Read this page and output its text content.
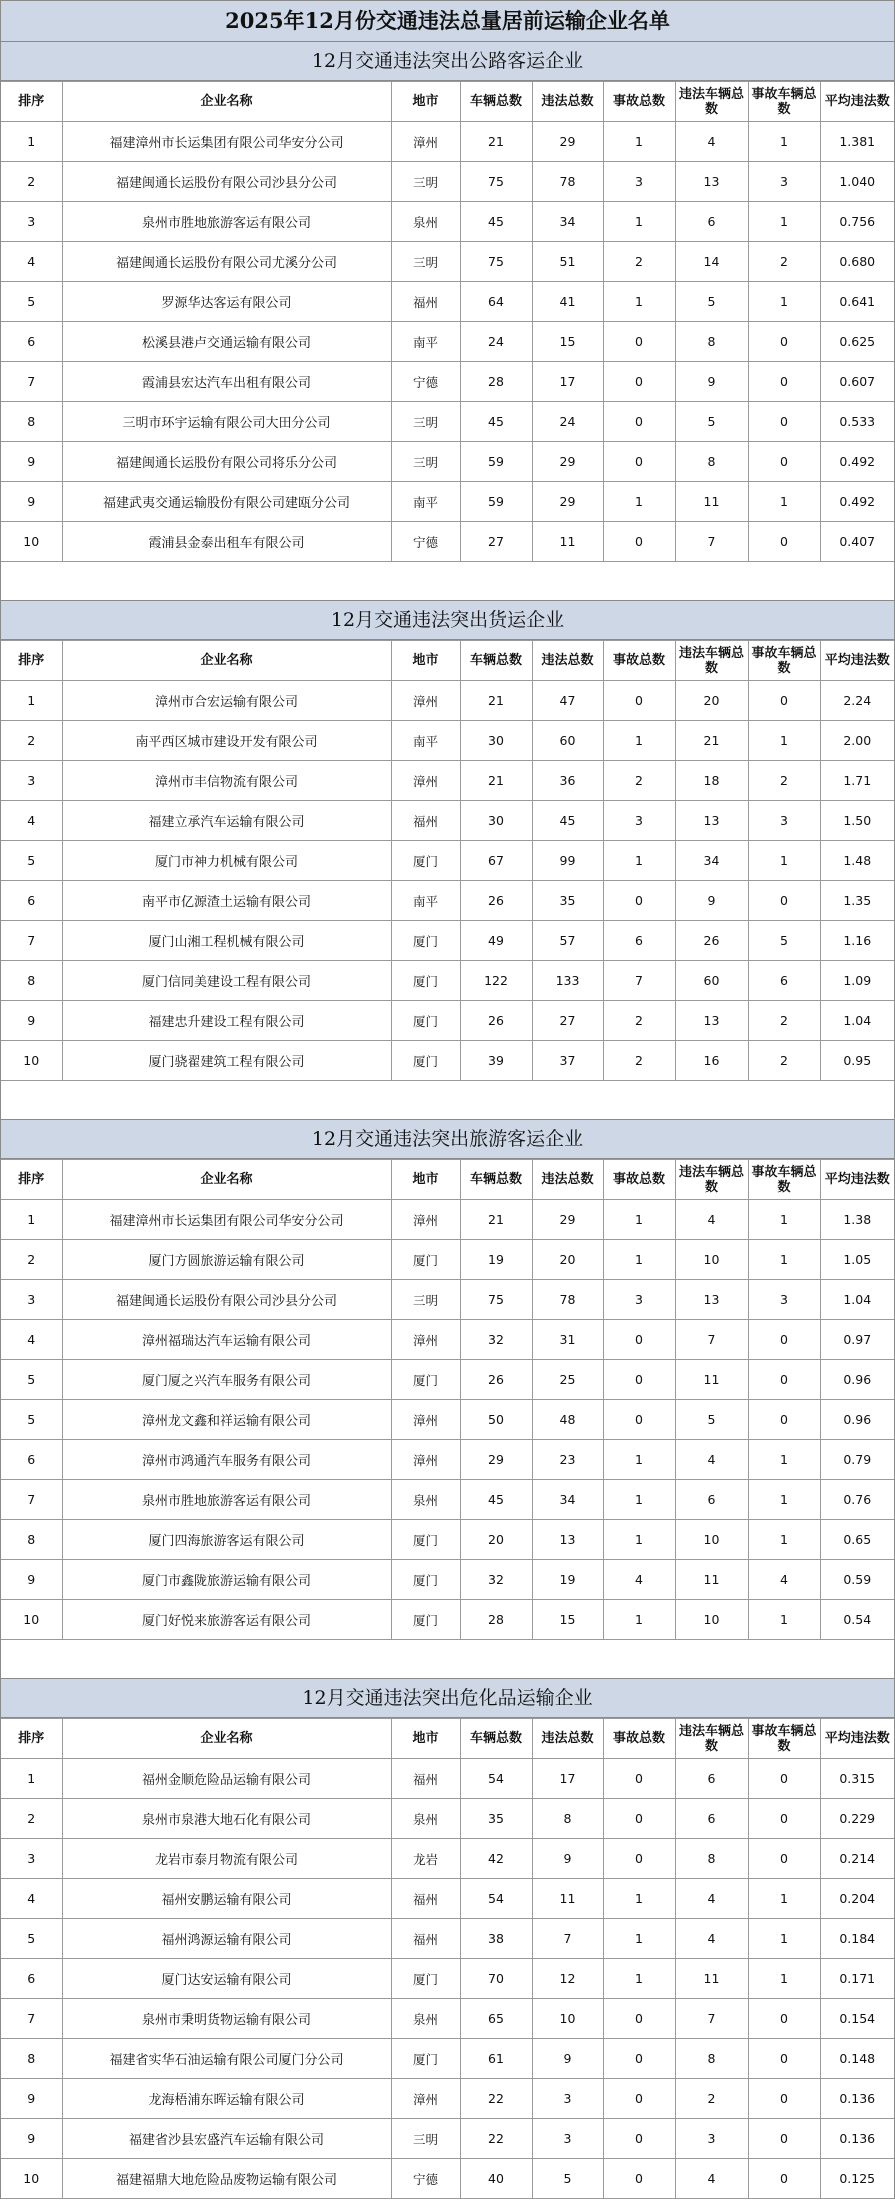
2025年12月份交通违法总量居前运输企业名单
12月交通违法突出公路客运企业
排序	企业名称	地市	车辆总数	违法总数	事故总数	违法车辆总数	事故车辆总数	平均违法数
1	福建漳州市长运集团有限公司华安分公司	漳州	21	29	1	4	1	1.381
2	福建闽通长运股份有限公司沙县分公司	三明	75	78	3	13	3	1.040
3	泉州市胜地旅游客运有限公司	泉州	45	34	1	6	1	0.756
4	福建闽通长运股份有限公司尤溪分公司	三明	75	51	2	14	2	0.680
5	罗源华达客运有限公司	福州	64	41	1	5	1	0.641
6	松溪县港卢交通运输有限公司	南平	24	15	0	8	0	0.625
7	霞浦县宏达汽车出租有限公司	宁德	28	17	0	9	0	0.607
8	三明市环宇运输有限公司大田分公司	三明	45	24	0	5	0	0.533
9	福建闽通长运股份有限公司将乐分公司	三明	59	29	0	8	0	0.492
9	福建武夷交通运输股份有限公司建瓯分公司	南平	59	29	1	11	1	0.492
10	霞浦县金泰出租车有限公司	宁德	27	11	0	7	0	0.407
12月交通违法突出货运企业
排序	企业名称	地市	车辆总数	违法总数	事故总数	违法车辆总数	事故车辆总数	平均违法数
1	漳州市合宏运输有限公司	漳州	21	47	0	20	0	2.24
2	南平西区城市建设开发有限公司	南平	30	60	1	21	1	2.00
3	漳州市丰信物流有限公司	漳州	21	36	2	18	2	1.71
4	福建立承汽车运输有限公司	福州	30	45	3	13	3	1.50
5	厦门市神力机械有限公司	厦门	67	99	1	34	1	1.48
6	南平市亿源渣土运输有限公司	南平	26	35	0	9	0	1.35
7	厦门山湘工程机械有限公司	厦门	49	57	6	26	5	1.16
8	厦门信同美建设工程有限公司	厦门	122	133	7	60	6	1.09
9	福建忠升建设工程有限公司	厦门	26	27	2	13	2	1.04
10	厦门骁翟建筑工程有限公司	厦门	39	37	2	16	2	0.95
12月交通违法突出旅游客运企业
排序	企业名称	地市	车辆总数	违法总数	事故总数	违法车辆总数	事故车辆总数	平均违法数
1	福建漳州市长运集团有限公司华安分公司	漳州	21	29	1	4	1	1.38
2	厦门方圆旅游运输有限公司	厦门	19	20	1	10	1	1.05
3	福建闽通长运股份有限公司沙县分公司	三明	75	78	3	13	3	1.04
4	漳州福瑞达汽车运输有限公司	漳州	32	31	0	7	0	0.97
5	厦门厦之兴汽车服务有限公司	厦门	26	25	0	11	0	0.96
5	漳州龙文鑫和祥运输有限公司	漳州	50	48	0	5	0	0.96
6	漳州市鸿通汽车服务有限公司	漳州	29	23	1	4	1	0.79
7	泉州市胜地旅游客运有限公司	泉州	45	34	1	6	1	0.76
8	厦门四海旅游客运有限公司	厦门	20	13	1	10	1	0.65
9	厦门市鑫陇旅游运输有限公司	厦门	32	19	4	11	4	0.59
10	厦门好悦来旅游客运有限公司	厦门	28	15	1	10	1	0.54
12月交通违法突出危化品运输企业
排序	企业名称	地市	车辆总数	违法总数	事故总数	违法车辆总数	事故车辆总数	平均违法数
1	福州金顺危险品运输有限公司	福州	54	17	0	6	0	0.315
2	泉州市泉港大地石化有限公司	泉州	35	8	0	6	0	0.229
3	龙岩市泰月物流有限公司	龙岩	42	9	0	8	0	0.214
4	福州安鹏运输有限公司	福州	54	11	1	4	1	0.204
5	福州鸿源运输有限公司	福州	38	7	1	4	1	0.184
6	厦门达安运输有限公司	厦门	70	12	1	11	1	0.171
7	泉州市秉明货物运输有限公司	泉州	65	10	0	7	0	0.154
8	福建省实华石油运输有限公司厦门分公司	厦门	61	9	0	8	0	0.148
9	龙海梧浦东晖运输有限公司	漳州	22	3	0	2	0	0.136
9	福建省沙县宏盛汽车运输有限公司	三明	22	3	0	3	0	0.136
10	福建福鼎大地危险品废物运输有限公司	宁德	40	5	0	4	0	0.125
